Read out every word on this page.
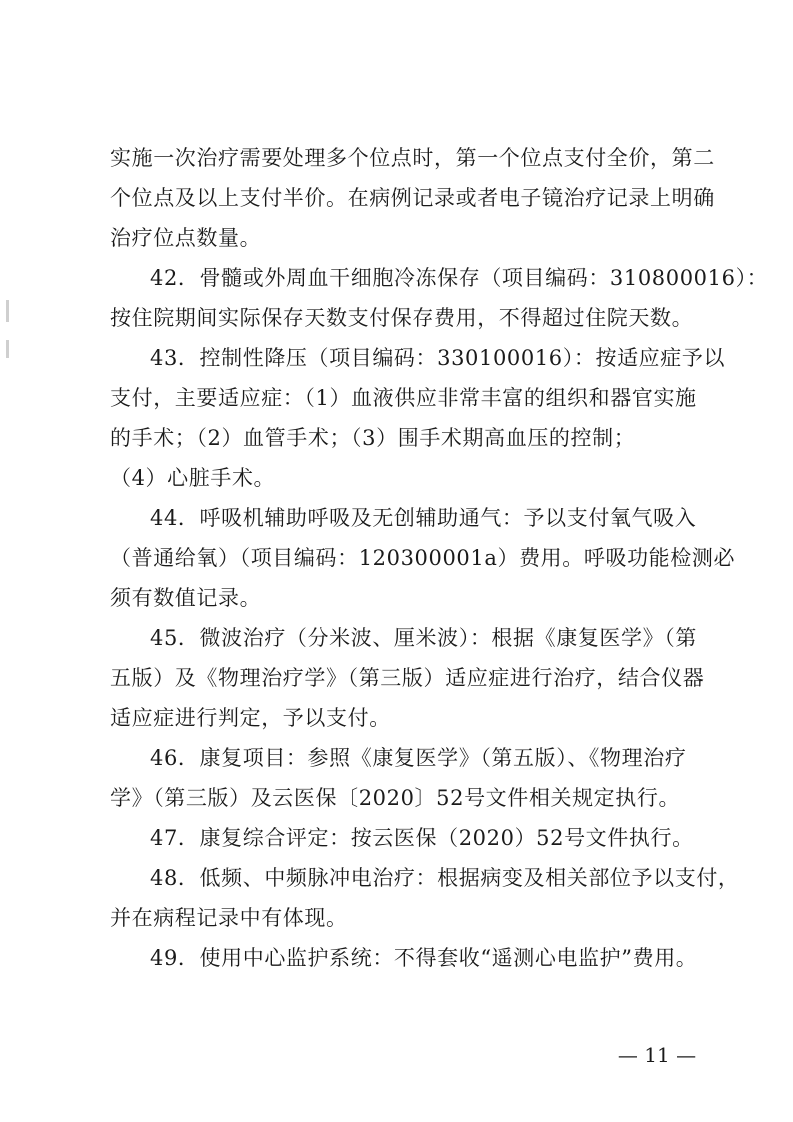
实施一次治疗需要处理多个位点时，第一个位点支付全价，第二
个位点及以上支付半价。在病例记录或者电子镜治疗记录上明确
治疗位点数量。
42．骨髓或外周血干细胞冷冻保存（项目编码：310800016）：
按住院期间实际保存天数支付保存费用，不得超过住院天数。
43．控制性降压（项目编码：330100016）：按适应症予以
支付，主要适应症：（1）血液供应非常丰富的组织和器官实施
的手术；（2）血管手术；（3）围手术期高血压的控制；
（4）心脏手术。
44．呼吸机辅助呼吸及无创辅助通气：予以支付氧气吸入
（普通给氧）（项目编码：120300001a）费用。呼吸功能检测必
须有数值记录。
45．微波治疗（分米波、厘米波）：根据《康复医学》（第
五版）及《物理治疗学》（第三版）适应症进行治疗，结合仪器
适应症进行判定，予以支付。
46．康复项目：参照《康复医学》（第五版）、《物理治疗
学》（第三版）及云医保〔2020〕52号文件相关规定执行。
47．康复综合评定：按云医保（2020）52号文件执行。
48．低频、中频脉冲电治疗：根据病变及相关部位予以支付，
并在病程记录中有体现。
49．使用中心监护系统：不得套收“遥测心电监护”费用。
— 11 —
